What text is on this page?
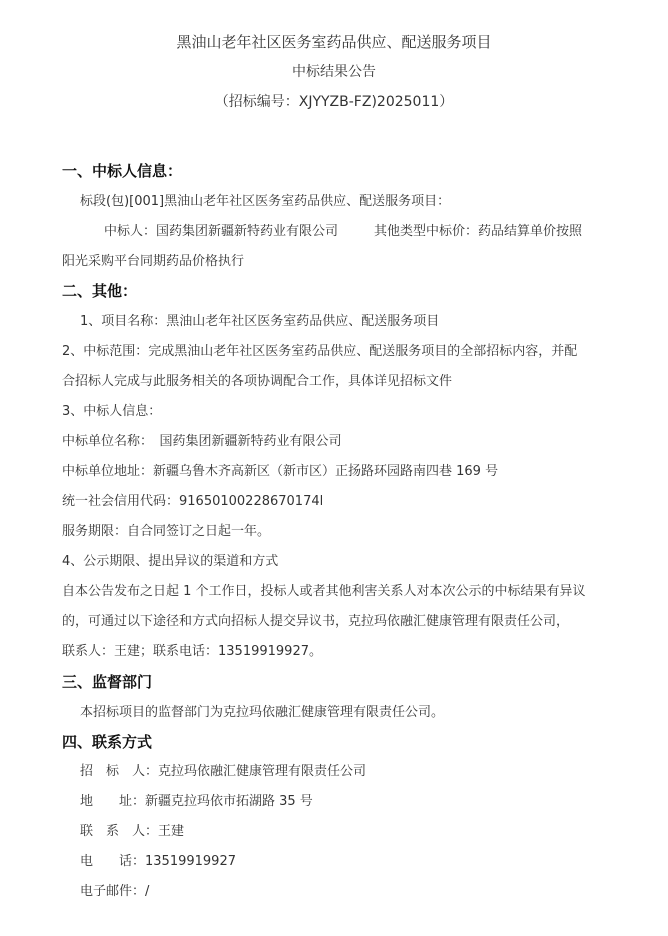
黑油山老年社区医务室药品供应、配送服务项目
中标结果公告
（招标编号：XJYYZB-FZ)2025011）
一、中标人信息：
标段(包)[001]黑油山老年社区医务室药品供应、配送服务项目：
中标人：国药集团新疆新特药业有限公司	其他类型中标价：药品结算单价按照
阳光采购平台同期药品价格执行
二、其他：
1、项目名称：黑油山老年社区医务室药品供应、配送服务项目
2、中标范围：完成黑油山老年社区医务室药品供应、配送服务项目的全部招标内容，并配
合招标人完成与此服务相关的各项协调配合工作，具体详见招标文件
3、中标人信息：
中标单位名称：　国药集团新疆新特药业有限公司
中标单位地址：新疆乌鲁木齐高新区（新市区）正扬路环园路南四巷 169 号
统一社会信用代码：91650100228670174l
服务期限：自合同签订之日起一年。
4、公示期限、提出异议的渠道和方式
自本公告发布之日起 1 个工作日，投标人或者其他利害关系人对本次公示的中标结果有异议
的，可通过以下途径和方式向招标人提交异议书，克拉玛依融汇健康管理有限责任公司，
联系人：王建；联系电话：13519919927。
三、监督部门
本招标项目的监督部门为克拉玛依融汇健康管理有限责任公司。
四、联系方式
招　标　人：克拉玛依融汇健康管理有限责任公司
地　　址：新疆克拉玛依市拓湖路 35 号
联　系　人：王建
电　　话：13519919927
电子邮件：/
